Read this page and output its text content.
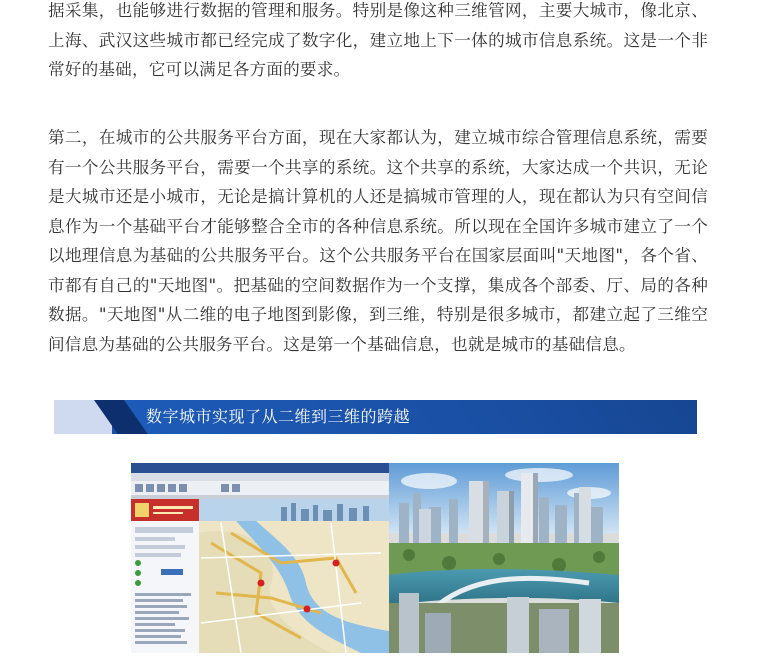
据采集，也能够进行数据的管理和服务。特别是像这种三维管网，主要大城市，像北京、上海、武汉这些城市都已经完成了数字化，建立地上下一体的城市信息系统。这是一个非常好的基础，它可以满足各方面的要求。

第二，在城市的公共服务平台方面，现在大家都认为，建立城市综合管理信息系统，需要有一个公共服务平台，需要一个共享的系统。这个共享的系统，大家达成一个共识，无论是大城市还是小城市，无论是搞计算机的人还是搞城市管理的人，现在都认为只有空间信息作为一个基础平台才能够整合全市的各种信息系统。所以现在全国许多城市建立了一个以地理信息为基础的公共服务平台。这个公共服务平台在国家层面叫"天地图"，各个省、市都有自己的"天地图"。把基础的空间数据作为一个支撑，集成各个部委、厅、局的各种数据。"天地图"从二维的电子地图到影像，到三维，特别是很多城市，都建立起了三维空间信息为基础的公共服务平台。这是第一个基础信息，也就是城市的基础信息。

数字城市实现了从二维到三维的跨越
